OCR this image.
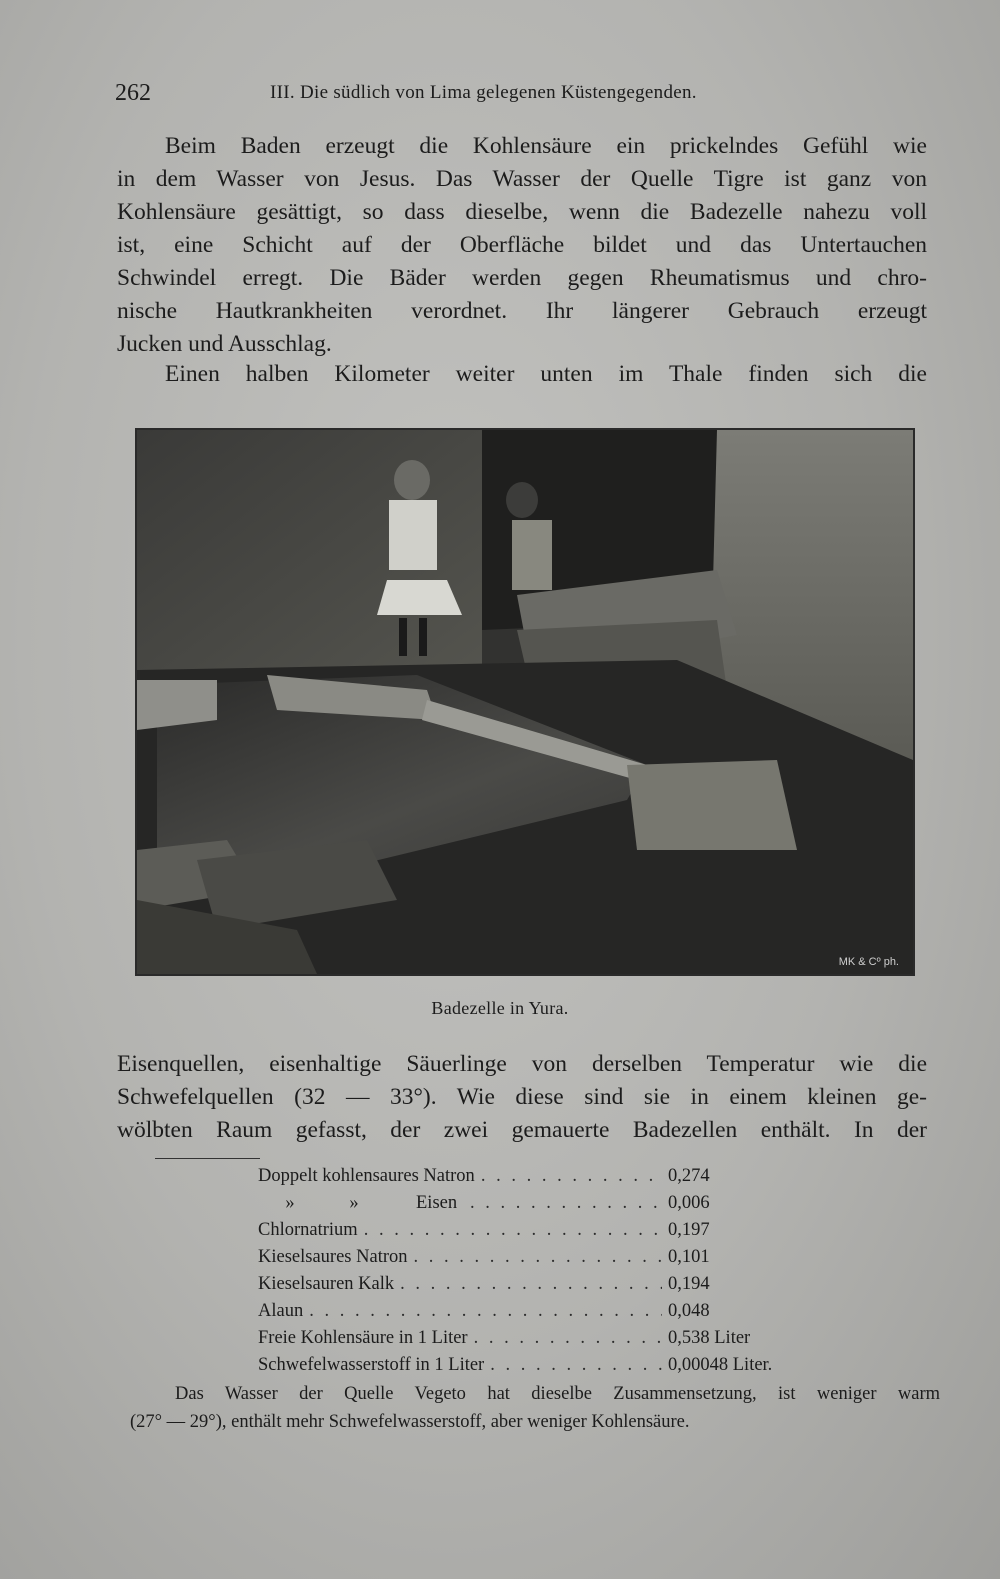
262	III. Die südlich von Lima gelegenen Küstengegenden.

Beim Baden erzeugt die Kohlensäure ein prickelndes Gefühl wie

in dem Wasser von Jesus. Das Wasser der Quelle Tigre ist ganz von

Kohlensäure gesättigt, so dass dieselbe, wenn die Badezelle nahezu voll

ist, eine Schicht auf der Oberfläche bildet und das Untertauchen

Schwindel erregt. Die Bäder werden gegen Rheumatismus und chro-

nische Hautkrankheiten verordnet. Ihr längerer Gebrauch erzeugt

Jucken und Ausschlag.

Einen halben Kilometer weiter unten im Thale finden sich die

MK & Cº ph.
Badezelle in Yura.

Eisenquellen, eisenhaltige Säuerlinge von derselben Temperatur wie die

Schwefelquellen (32 — 33°). Wie diese sind sie in einem kleinen ge-

wölbten Raum gefasst, der zwei gemauerte Badezellen enthält. In der

Doppelt kohlensaures Natron . . .	0,274
»	»	Eisen . . .	0,006
Chlornatrium . . .	0,197
Kieselsaures Natron . . .	0,101
Kieselsauren Kalk . . .	0,194
Alaun . . .	0,048
Freie Kohlensäure in 1 Liter . . .	0,538 Liter
Schwefelwasserstoff in 1 Liter . . .	0,00048 Liter.

Das Wasser der Quelle Vegeto hat dieselbe Zusammensetzung, ist weniger warm

(27° — 29°), enthält mehr Schwefelwasserstoff, aber weniger Kohlensäure.
